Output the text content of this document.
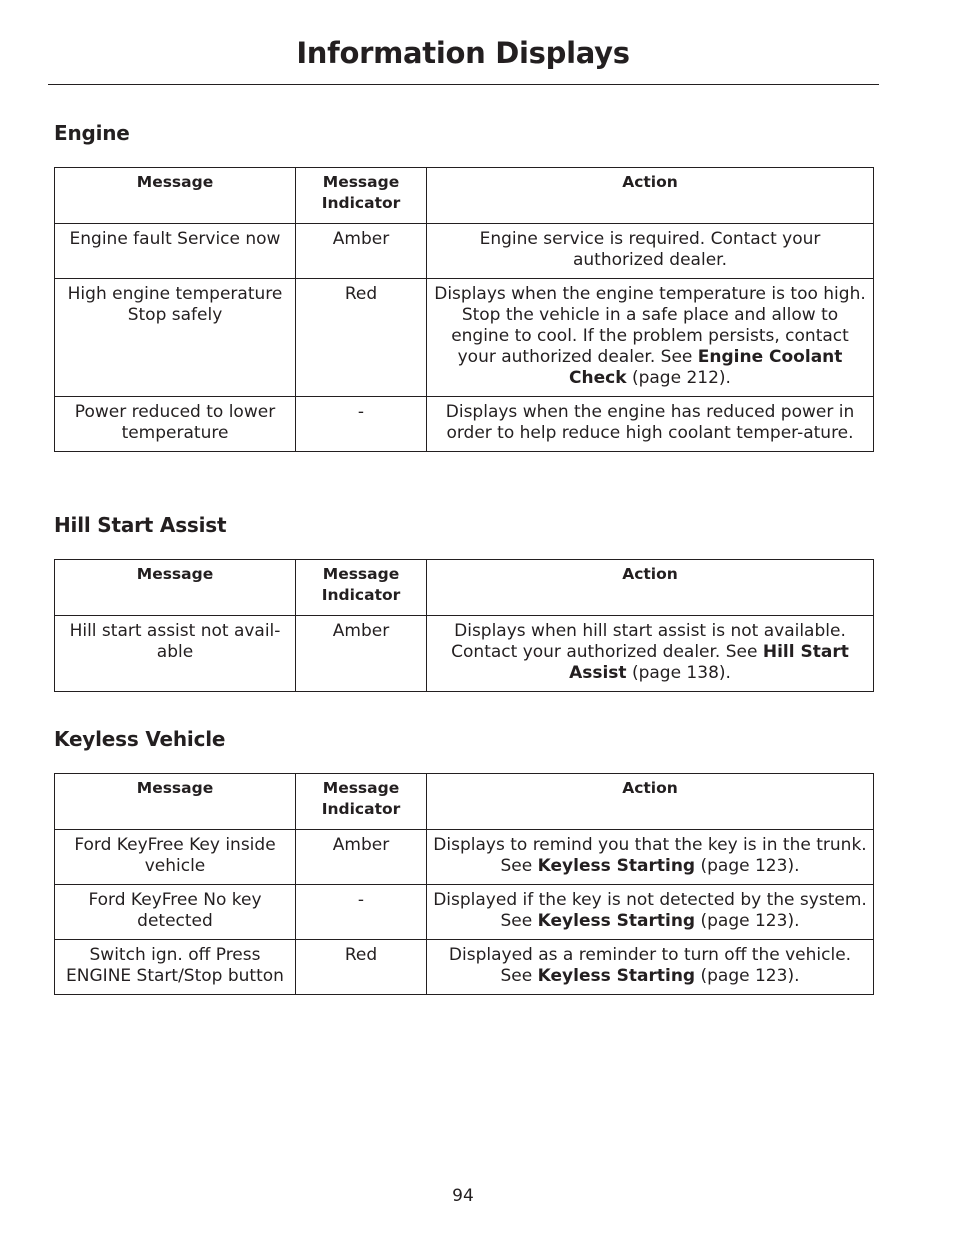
Information Displays
Engine
Message	Message Indicator	Action
Engine fault Service now	Amber	Engine service is required. Contact your authorized dealer.
High engine temperature Stop safely	Red	Displays when the engine temperature is too high. Stop the vehicle in a safe place and allow to engine to cool. If the problem persists, contact your authorized dealer. See Engine Coolant Check (page 212).
Power reduced to lower temperature	-	Displays when the engine has reduced power in order to help reduce high coolant temper-ature.
Hill Start Assist
Message	Message Indicator	Action
Hill start assist not avail-able	Amber	Displays when hill start assist is not available. Contact your authorized dealer. See Hill Start Assist (page 138).
Keyless Vehicle
Message	Message Indicator	Action
Ford KeyFree Key inside vehicle	Amber	Displays to remind you that the key is in the trunk. See Keyless Starting (page 123).
Ford KeyFree No key detected	-	Displayed if the key is not detected by the system. See Keyless Starting (page 123).
Switch ign. off Press ENGINE Start/Stop button	Red	Displayed as a reminder to turn off the vehicle. See Keyless Starting (page 123).
94
